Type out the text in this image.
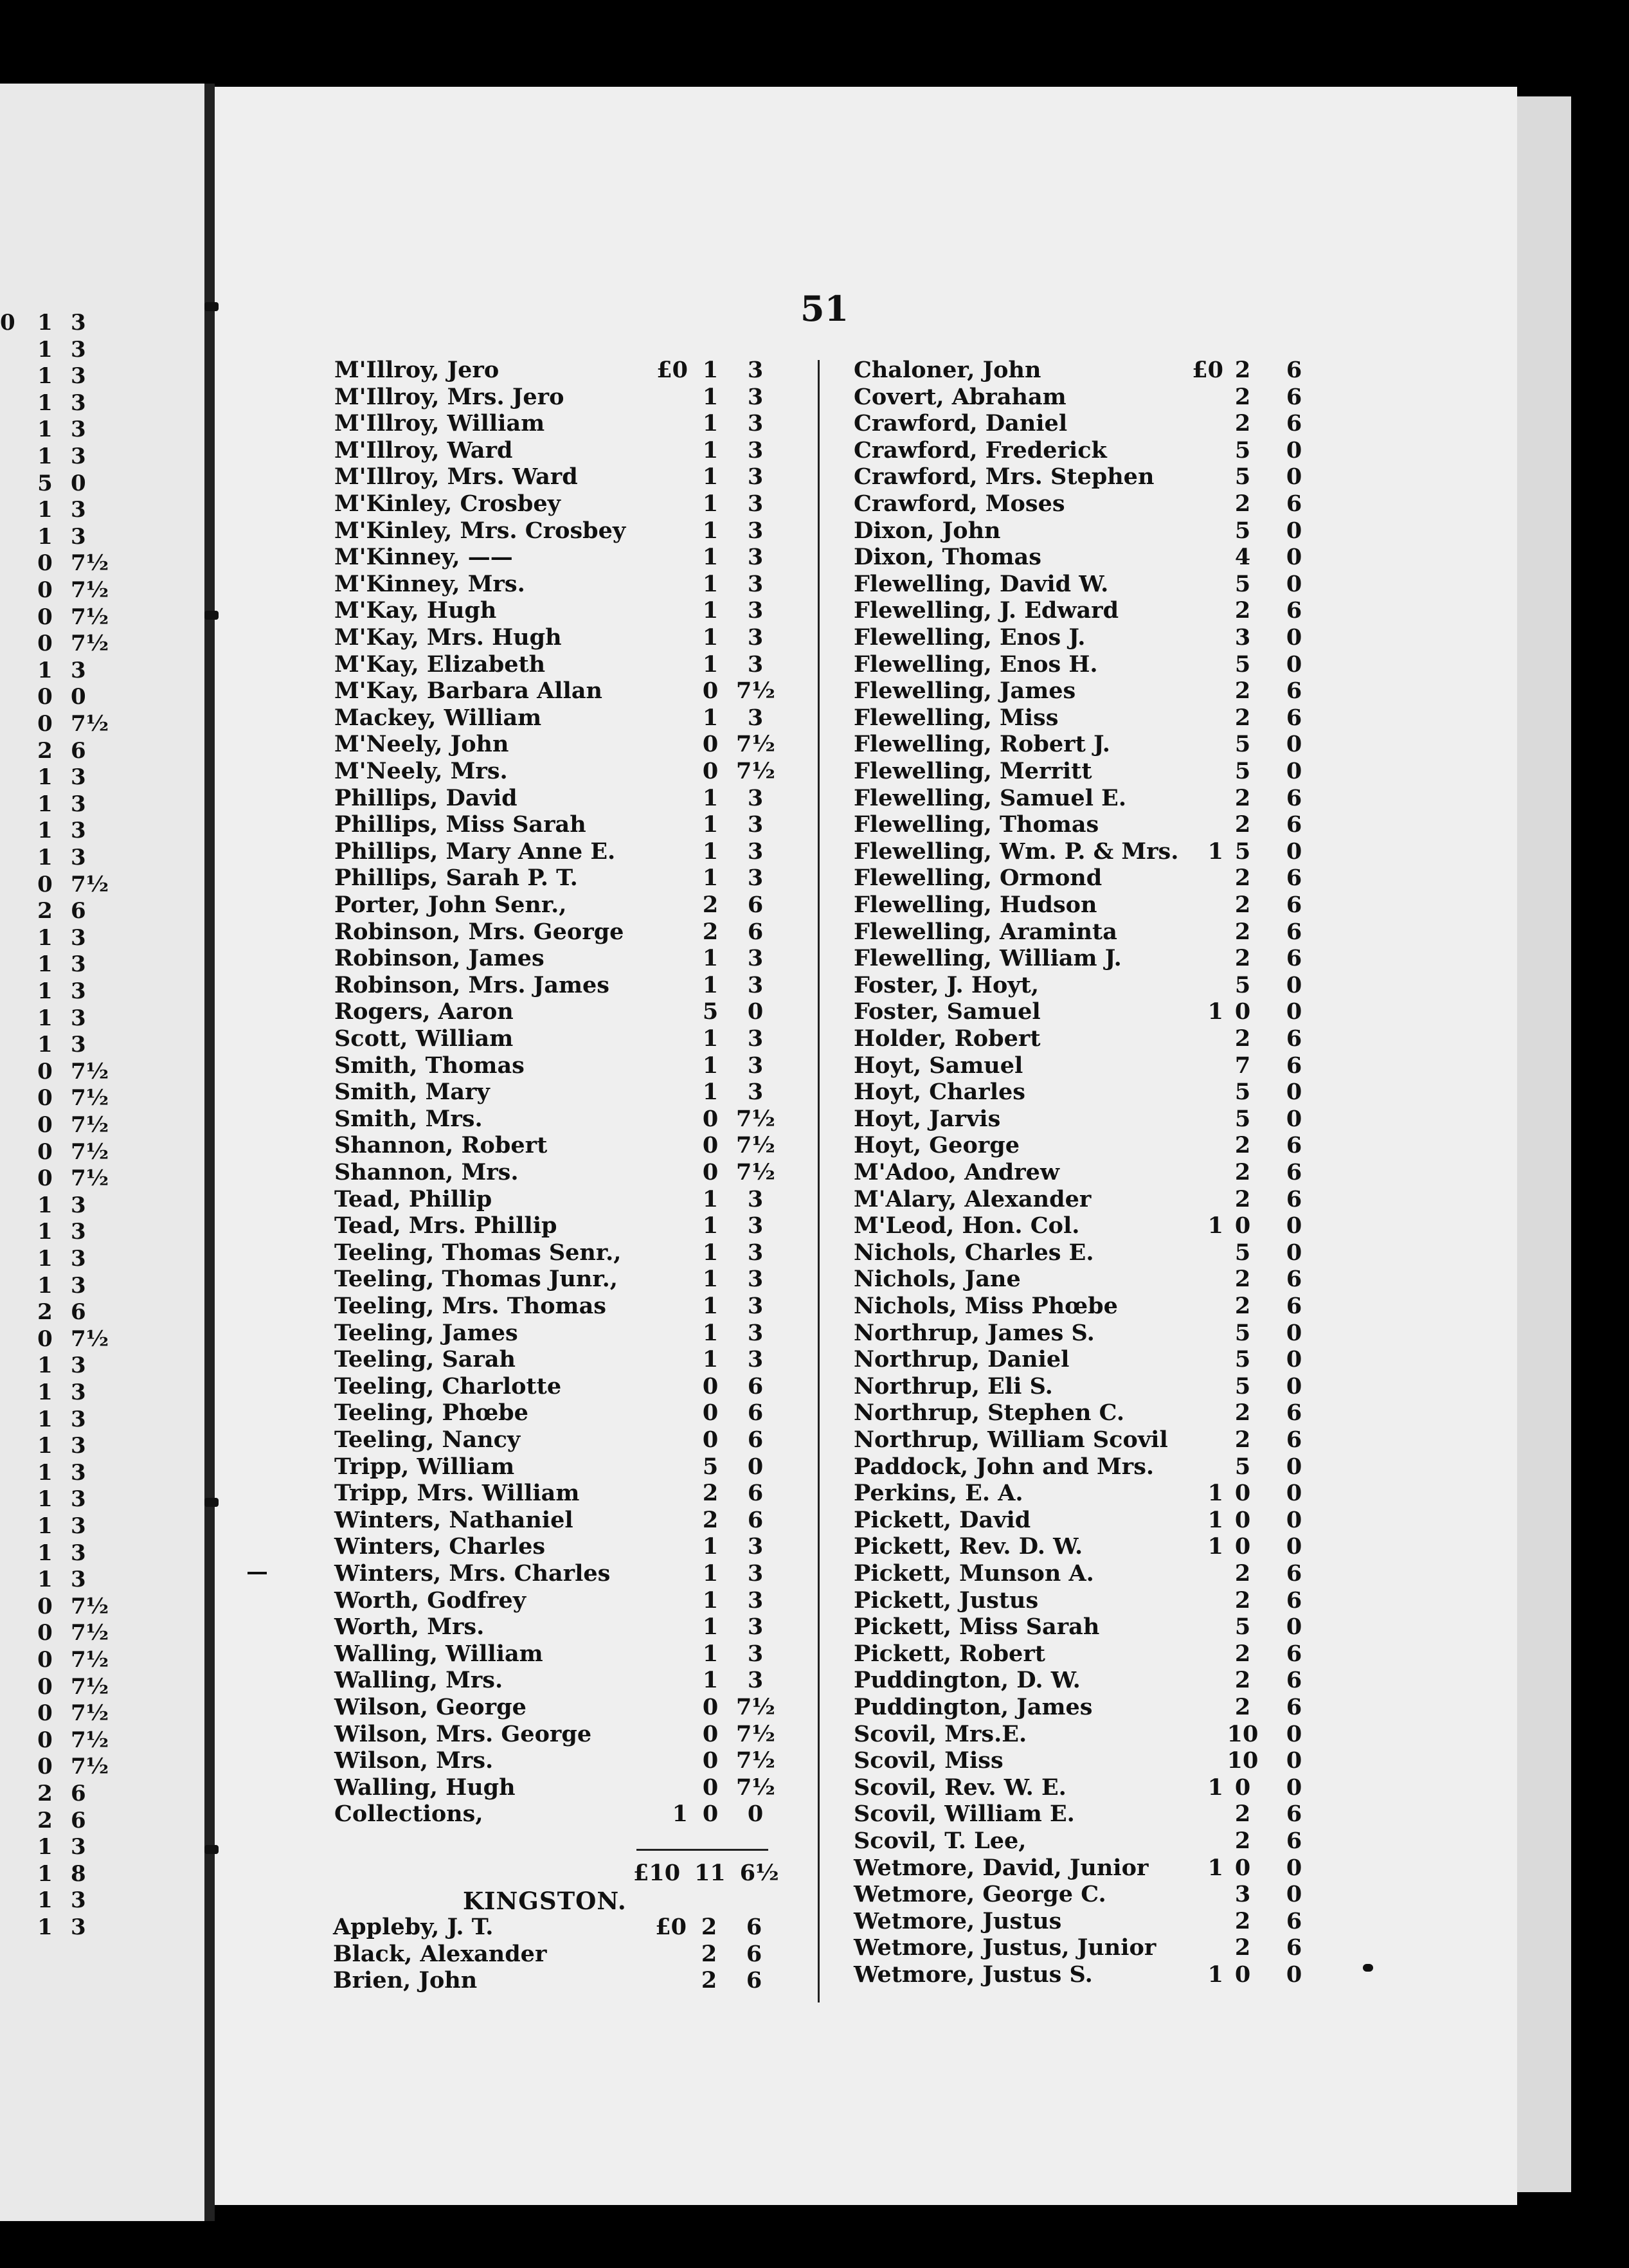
0 1 3
1 3
1 3
1 3
1 3
1 3
5 0
1 3
1 3
0 7½
0 7½
0 7½
0 7½
1 3
0 0
0 7½
2 6
1 3
1 3
1 3
1 3
0 7½
2 6
1 3
1 3
1 3
1 3
1 3
0 7½
0 7½
0 7½
0 7½
0 7½
1 3
1 3
1 3
1 3
2 6
0 7½
1 3
1 3
1 3
1 3
1 3
1 3
1 3
1 3
1 3
0 7½
0 7½
0 7½
0 7½
0 7½
0 7½
0 7½
2 6
2 6
1 3
1 8
1 3
1 3
51
M'Illroy, Jero	£0 1	3
M'Illroy, Mrs. Jero	1	3
M'Illroy, William	1	3
M'Illroy, Ward	1	3
M'Illroy, Mrs. Ward	1	3
M'Kinley, Crosbey	1	3
M'Kinley, Mrs. Crosbey	1	3
M'Kinney, ——	1	3
M'Kinney, Mrs.	1	3
M'Kay, Hugh	1	3
M'Kay, Mrs. Hugh	1	3
M'Kay, Elizabeth	1	3
M'Kay, Barbara Allan	0 7½
Mackey, William	1	3
M'Neely, John	0 7½
M'Neely, Mrs.	0 7½
Phillips, David	1	3
Phillips, Miss Sarah	1	3
Phillips, Mary Anne E.	1	3
Phillips, Sarah P. T.	1	3
Porter, John Senr.,	2	6
Robinson, Mrs. George	2	6
Robinson, James	1	3
Robinson, Mrs. James	1	3
Rogers, Aaron	5	0
Scott, William	1	3
Smith, Thomas	1	3
Smith, Mary	1	3
Smith, Mrs.	0 7½
Shannon, Robert	0 7½
Shannon, Mrs.	0 7½
Tead, Phillip	1	3
Tead, Mrs. Phillip	1	3
Teeling, Thomas Senr.,	1	3
Teeling, Thomas Junr.,	1	3
Teeling, Mrs. Thomas	1	3
Teeling, James	1	3
Teeling, Sarah	1	3
Teeling, Charlotte	0	6
Teeling, Phœbe	0	6
Teeling, Nancy	0	6
Tripp, William	5	0
Tripp, Mrs. William	2	6
Winters, Nathaniel	2	6
Winters, Charles	1	3
Winters, Mrs. Charles	1	3
Worth, Godfrey	1	3
Worth, Mrs.	1	3
Walling, William	1	3
Walling, Mrs.	1	3
Wilson, George	0 7½
Wilson, Mrs. George	0 7½
Wilson, Mrs.	0 7½
Walling, Hugh	0 7½
Collections,	1 0	0
Appleby, J. T.	£0 2	6
Black, Alexander	2	6
Brien, John	2	6
Chaloner, John	£0 2	6
Covert, Abraham	2	6
Crawford, Daniel	2	6
Crawford, Frederick	5	0
Crawford, Mrs. Stephen	5	0
Crawford, Moses	2	6
Dixon, John	5	0
Dixon, Thomas	4	0
Flewelling, David W.	5	0
Flewelling, J. Edward	2	6
Flewelling, Enos J.	3	0
Flewelling, Enos H.	5	0
Flewelling, James	2	6
Flewelling, Miss	2	6
Flewelling, Robert J.	5	0
Flewelling, Merritt	5	0
Flewelling, Samuel E.	2	6
Flewelling, Thomas	2	6
Flewelling, Wm. P. & Mrs.	1 5	0
Flewelling, Ormond	2	6
Flewelling, Hudson	2	6
Flewelling, Araminta	2	6
Flewelling, William J.	2	6
Foster, J. Hoyt,	5	0
Foster, Samuel	1 0	0
Holder, Robert	2	6
Hoyt, Samuel	7	6
Hoyt, Charles	5	0
Hoyt, Jarvis	5	0
Hoyt, George	2	6
M'Adoo, Andrew	2	6
M'Alary, Alexander	2	6
M'Leod, Hon. Col.	1 0	0
Nichols, Charles E.	5	0
Nichols, Jane	2	6
Nichols, Miss Phœbe	2	6
Northrup, James S.	5	0
Northrup, Daniel	5	0
Northrup, Eli S.	5	0
Northrup, Stephen C.	2	6
Northrup, William Scovil	2	6
Paddock, John and Mrs.	5	0
Perkins, E. A.	1 0	0
Pickett, David	1 0	0
Pickett, Rev. D. W.	1 0	0
Pickett, Munson A.	2	6
Pickett, Justus	2	6
Pickett, Miss Sarah	5	0
Pickett, Robert	2	6
Puddington, D. W.	2	6
Puddington, James	2	6
Scovil, Mrs.E.	10	0
Scovil, Miss	10	0
Scovil, Rev. W. E.	1 0	0
Scovil, William E.	2	6
Scovil, T. Lee,	2	6
Wetmore, David, Junior	1 0	0
Wetmore, George C.	3	0
Wetmore, Justus	2	6
Wetmore, Justus, Junior	2	6
Wetmore, Justus S.	1 0	0
£10 11 6½
KINGSTON.
